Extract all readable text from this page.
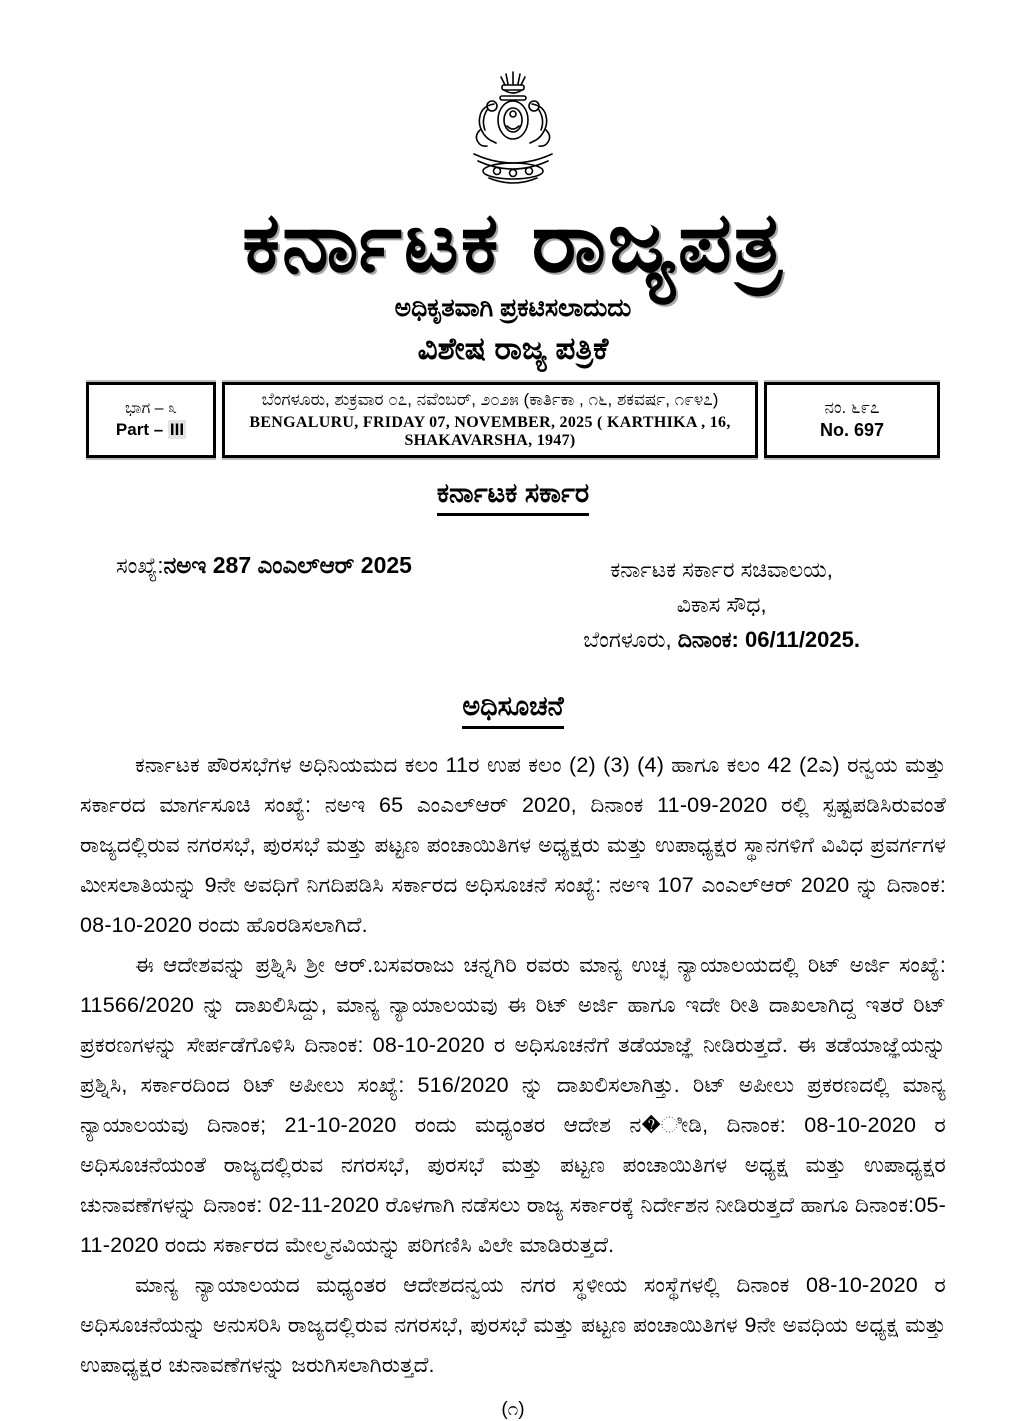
ಕರ್ನಾಟಕ ರಾಜ್ಯಪತ್ರ
ಅಧಿಕೃತವಾಗಿ ಪ್ರಕಟಿಸಲಾದುದು
ವಿಶೇಷ ರಾಜ್ಯ ಪತ್ರಿಕೆ
ಭಾಗ – ೩
Part – III

ಬೆಂಗಳೂರು, ಶುಕ್ರವಾರ ೦೭, ನವೆಂಬರ್, ೨೦೨೫ (ಕಾರ್ತಿಕಾ , ೧೬, ಶಕವರ್ಷ, ೧೯೪೭)
BENGALURU, FRIDAY 07, NOVEMBER, 2025 ( KARTHIKA , 16, SHAKAVARSHA, 1947)

ನಂ. ೬೯೭
No. 697
ಕರ್ನಾಟಕ ಸರ್ಕಾರ
ಸಂಖ್ಯೆ:ನಅಇ 287 ಎಂಎಲ್ಆರ್ 2025	ಕರ್ನಾಟಕ ಸರ್ಕಾರ ಸಚಿವಾಲಯ,
ವಿಕಾಸ ಸೌಧ,
ಬೆಂಗಳೂರು, ದಿನಾಂಕ: 06/11/2025.
ಅಧಿಸೂಚನೆ

ಕರ್ನಾಟಕ ಪೌರಸಭೆಗಳ ಅಧಿನಿಯಮದ ಕಲಂ 11ರ ಉಪ ಕಲಂ (2) (3) (4) ಹಾಗೂ ಕಲಂ 42 (2ಎ) ರನ್ವಯ ಮತ್ತು ಸರ್ಕಾರದ ಮಾರ್ಗಸೂಚಿ ಸಂಖ್ಯೆ: ನಅಇ 65 ಎಂಎಲ್ಆರ್ 2020, ದಿನಾಂಕ 11-09-2020 ರಲ್ಲಿ ಸ್ಪಷ್ಟಪಡಿಸಿರುವಂತೆ ರಾಜ್ಯದಲ್ಲಿರುವ ನಗರಸಭೆ, ಪುರಸಭೆ ಮತ್ತು ಪಟ್ಟಣ ಪಂಚಾಯಿತಿಗಳ ಅಧ್ಯಕ್ಷರು ಮತ್ತು ಉಪಾಧ್ಯಕ್ಷರ ಸ್ಥಾನಗಳಿಗೆ ವಿವಿಧ ಪ್ರವರ್ಗಗಳ ಮೀಸಲಾತಿಯನ್ನು 9ನೇ ಅವಧಿಗೆ ನಿಗದಿಪಡಿಸಿ ಸರ್ಕಾರದ ಅಧಿಸೂಚನೆ ಸಂಖ್ಯೆ: ನಅಇ 107 ಎಂಎಲ್ಆರ್ 2020 ನ್ನು ದಿನಾಂಕ: 08-10-2020 ರಂದು ಹೊರಡಿಸಲಾಗಿದೆ.

ಈ ಆದೇಶವನ್ನು ಪ್ರಶ್ನಿಸಿ ಶ್ರೀ ಆರ್.ಬಸವರಾಜು ಚನ್ನಗಿರಿ ರವರು ಮಾನ್ಯ ಉಚ್ಛ ನ್ಯಾಯಾಲಯದಲ್ಲಿ ರಿಟ್ ಅರ್ಜಿ ಸಂಖ್ಯೆ: 11566/2020 ನ್ನು ದಾಖಲಿಸಿದ್ದು, ಮಾನ್ಯ ನ್ಯಾಯಾಲಯವು ಈ ರಿಟ್ ಅರ್ಜಿ ಹಾಗೂ ಇದೇ ರೀತಿ ದಾಖಲಾಗಿದ್ದ ಇತರೆ ರಿಟ್ ಪ್ರಕರಣಗಳನ್ನು ಸೇರ್ಪಡೆಗೊಳಿಸಿ ದಿನಾಂಕ: 08-10-2020 ರ ಅಧಿಸೂಚನೆಗೆ ತಡೆಯಾಜ್ಞೆ ನೀಡಿರುತ್ತದೆ. ಈ ತಡೆಯಾಜ್ಞೆಯನ್ನು ಪ್ರಶ್ನಿಸಿ, ಸರ್ಕಾರದಿಂದ ರಿಟ್ ಅಪೀಲು ಸಂಖ್ಯೆ: 516/2020 ನ್ನು ದಾಖಲಿಸಲಾಗಿತ್ತು. ರಿಟ್ ಅಪೀಲು ಪ್ರಕರಣದಲ್ಲಿ ಮಾನ್ಯ ನ್ಯಾಯಾಲಯವು ದಿನಾಂಕ; 21-10-2020 ರಂದು ಮಧ್ಯಂತರ ಆದೇಶ ನ�ೀಡಿ, ದಿನಾಂಕ: 08-10-2020 ರ ಅಧಿಸೂಚನೆಯಂತೆ ರಾಜ್ಯದಲ್ಲಿರುವ ನಗರಸಭೆ, ಪುರಸಭೆ ಮತ್ತು ಪಟ್ಟಣ ಪಂಚಾಯಿತಿಗಳ ಅಧ್ಯಕ್ಷ ಮತ್ತು ಉಪಾಧ್ಯಕ್ಷರ ಚುನಾವಣೆಗಳನ್ನು ದಿನಾಂಕ: 02-11-2020 ರೊಳಗಾಗಿ ನಡೆಸಲು ರಾಜ್ಯ ಸರ್ಕಾರಕ್ಕೆ ನಿರ್ದೇಶನ ನೀಡಿರುತ್ತದೆ ಹಾಗೂ ದಿನಾಂಕ:05-11-2020 ರಂದು ಸರ್ಕಾರದ ಮೇಲ್ಮನವಿಯನ್ನು ಪರಿಗಣಿಸಿ ವಿಲೇ ಮಾಡಿರುತ್ತದೆ.

ಮಾನ್ಯ ನ್ಯಾಯಾಲಯದ ಮಧ್ಯಂತರ ಆದೇಶದನ್ವಯ ನಗರ ಸ್ಥಳೀಯ ಸಂಸ್ಥೆಗಳಲ್ಲಿ ದಿನಾಂಕ 08-10-2020 ರ ಅಧಿಸೂಚನೆಯನ್ನು ಅನುಸರಿಸಿ ರಾಜ್ಯದಲ್ಲಿರುವ ನಗರಸಭೆ, ಪುರಸಭೆ ಮತ್ತು ಪಟ್ಟಣ ಪಂಚಾಯಿತಿಗಳ 9ನೇ ಅವಧಿಯ ಅಧ್ಯಕ್ಷ ಮತ್ತು ಉಪಾಧ್ಯಕ್ಷರ ಚುನಾವಣೆಗಳನ್ನು ಜರುಗಿಸಲಾಗಿರುತ್ತದೆ.

(೧)
